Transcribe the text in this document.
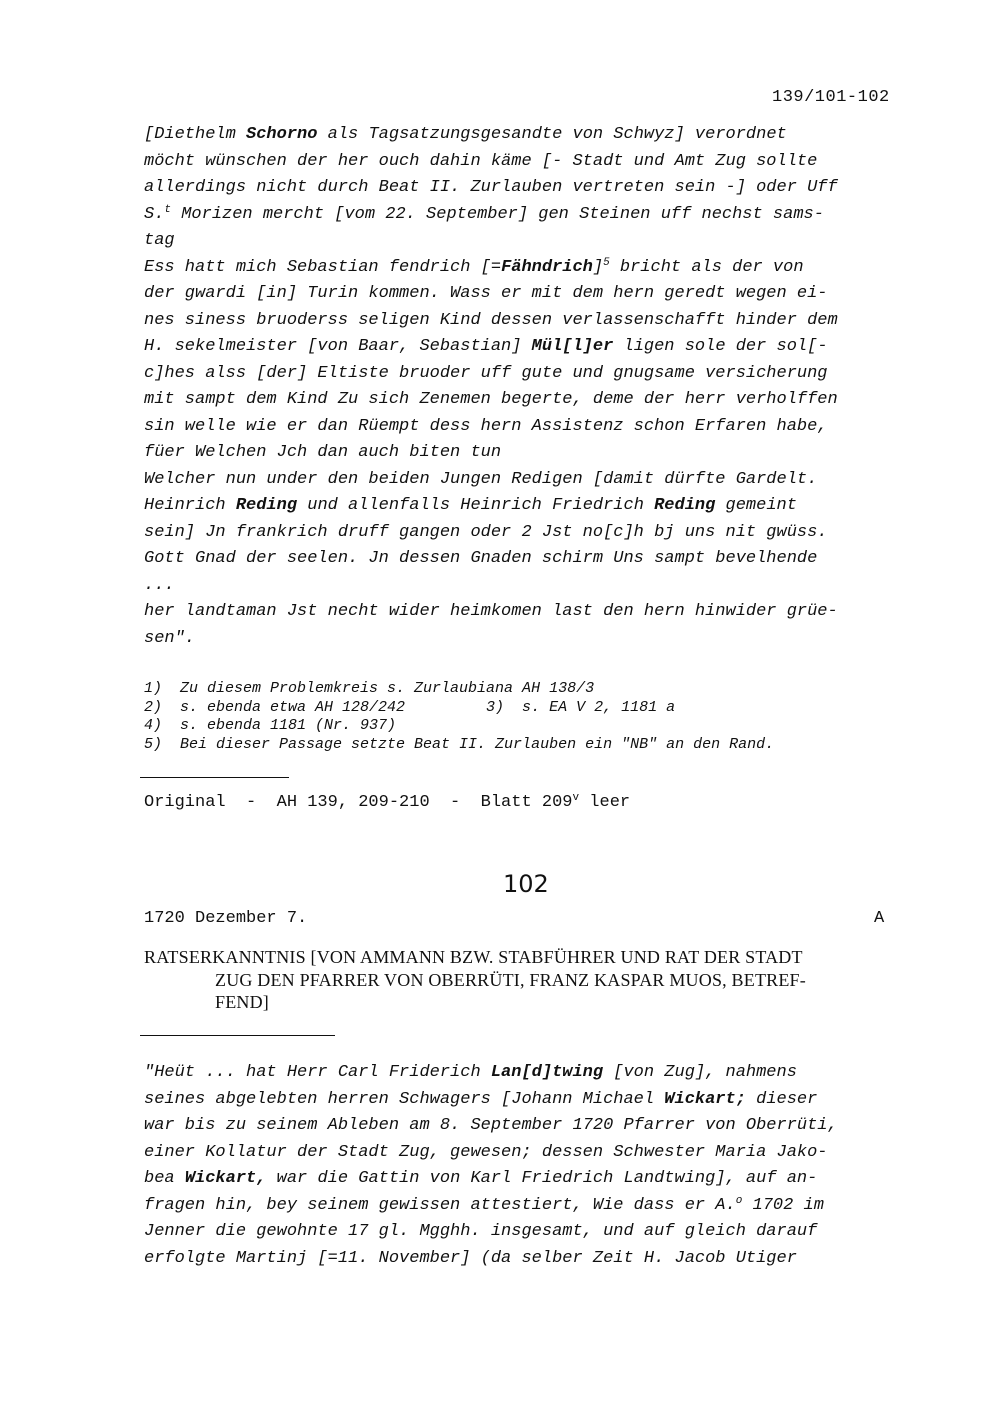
139/101-102
[Diethelm Schorno als Tagsatzungsgesandte von Schwyz] verordnet
möcht wünschen der her ouch dahin käme [- Stadt und Amt Zug sollte
allerdings nicht durch Beat II. Zurlauben vertreten sein -] oder Uff
S.$^t$ Morizen mercht [vom 22. September] gen Steinen uff nechst sams-
tag
Ess hatt mich Sebastian fendrich [=Fähndrich]$^5$ bricht als der von
der gwardi [in] Turin kommen. Wass er mit dem hern geredt wegen ei-
nes siness bruoderss seligen Kind dessen verlassenschafft hinder dem
H. sekelmeister [von Baar, Sebastian] Mül[l]er ligen sole der sol[-
c]hes alss [der] Eltiste bruoder uff gute und gnugsame versicherung
mit sampt dem Kind Zu sich Zenemen begerte, deme der herr verholffen
sin welle wie er dan Rüempt dess hern Assistenz schon Erfaren habe,
füer Welchen Jch dan auch biten tun
Welcher nun under den beiden Jungen Redigen [damit dürfte Gardelt.
Heinrich Reding und allenfalls Heinrich Friedrich Reding gemeint
sein] Jn frankrich druff gangen oder 2 Jst no[c]h bj uns nit gwüss.
Gott Gnad der seelen. Jn dessen Gnaden schirm Uns sampt bevelhende
...
her landtaman Jst necht wider heimkomen last den hern hinwider grüe-
sen".
1)  Zu diesem Problemkreis s. Zurlaubiana AH 138/3
2)  s. ebenda etwa AH 128/242         3)  s. EA V 2, 1181 a
4)  s. ebenda 1181 (Nr. 937)
5)  Bei dieser Passage setzte Beat II. Zurlauben ein "NB" an den Rand.
Original  -  AH 139, 209-210  -  Blatt 209$^v$ leer
102
1720 Dezember 7.	A
RATSERKANNTNIS [VON AMMANN BZW. STABFÜHRER UND RAT DER STADT
ZUG DEN PFARRER VON OBERRÜTI, FRANZ KASPAR MUOS, BETREF-
FEND]
"Heüt ... hat Herr Carl Friderich Lan[d]twing [von Zug], nahmens
seines abgelebten herren Schwagers [Johann Michael Wickart; dieser
war bis zu seinem Ableben am 8. September 1720 Pfarrer von Oberrüti,
einer Kollatur der Stadt Zug, gewesen; dessen Schwester Maria Jako-
bea Wickart, war die Gattin von Karl Friedrich Landtwing], auf an-
fragen hin, bey seinem gewissen attestiert, Wie dass er A.$^o$ 1702 im
Jenner die gewohnte 17 gl. Mgghh. insgesamt, und auf gleich darauf
erfolgte Martinj [=11. November] (da selber Zeit H. Jacob Utiger
